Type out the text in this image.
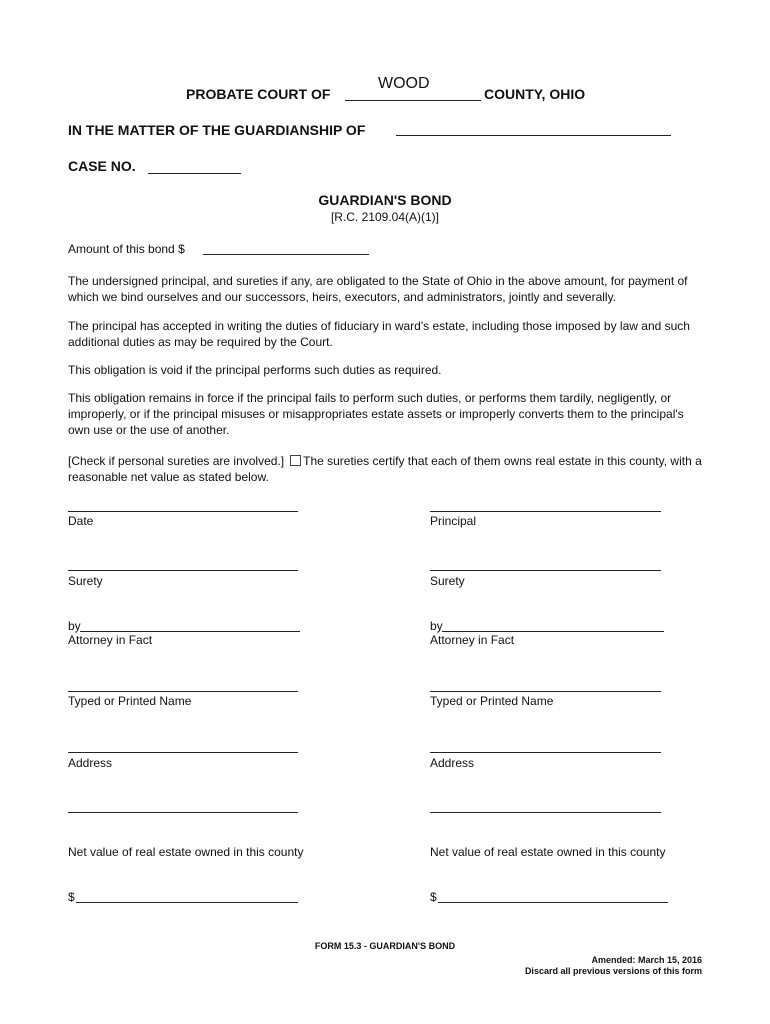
PROBATE COURT OF
WOOD
COUNTY, OHIO
IN THE MATTER OF THE GUARDIANSHIP OF
CASE NO.
GUARDIAN'S BOND
[R.C. 2109.04(A)(1)]
Amount of this bond $
The undersigned principal, and sureties if any, are obligated to the State of Ohio in the above amount, for payment of which we bind ourselves and our successors, heirs, executors, and administrators, jointly and severally.
The principal has accepted in writing the duties of fiduciary in ward's estate, including those imposed by law and such additional duties as may be required by the Court.
This obligation is void if the principal performs such duties as required.
This obligation remains in force if the principal fails to perform such duties, or performs them tardily, negligently, or improperly, or if the principal misuses or misappropriates estate assets or improperly converts them to the principal's own use or the use of another.
[Check if personal sureties are involved.] The sureties certify that each of them owns real estate in this county, with a reasonable net value as stated below.
Date
Surety
by
Attorney in Fact
Typed or Printed Name
Address
Net value of real estate owned in this county
$
Principal
Surety
by
Attorney in Fact
Typed or Printed Name
Address
Net value of real estate owned in this county
$
FORM 15.3 - GUARDIAN'S BOND
Amended: March 15, 2016
Discard all previous versions of this form
